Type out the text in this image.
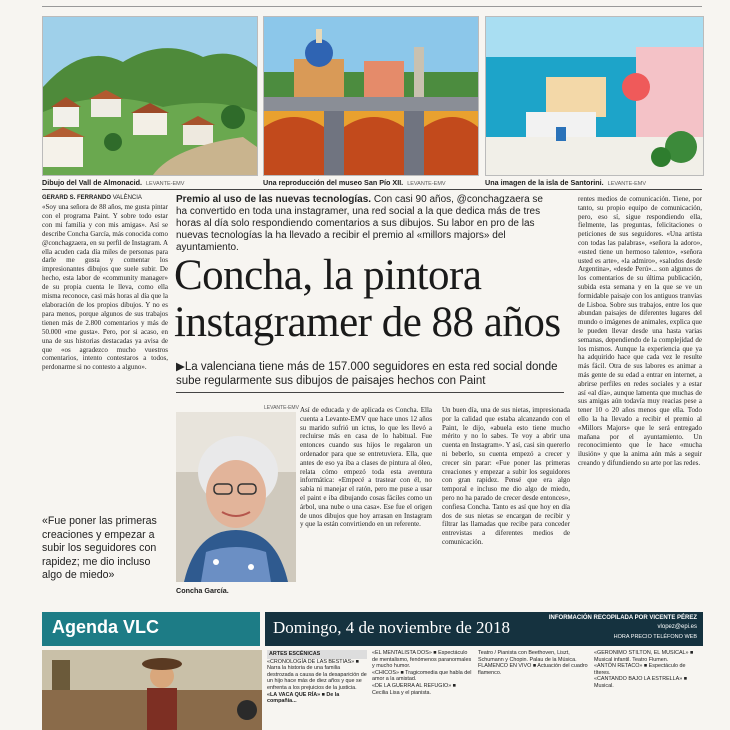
Dibujo del Vall de Almonacid. LEVANTE-EMV	Una reproducción del museo San Pío XII. LEVANTE-EMV	Una imagen de la isla de Santorini. LEVANTE-EMV
GERARD S. FERRANDO VALÈNCIA
«Soy una señora de 88 años, me gusta pintar con el programa Paint. Y sobre todo estar con mi familia y con mis amigas». Así se describe Concha García, más conocida como @conchagzaera, en su perfil de Instagram. A ella acuden cada día miles de personas para darle me gusta y comentar los impresionantes dibujos que suele subir. De hecho, esta labor de «community manager» de su propia cuenta le lleva, como ella misma reconoce, casi más horas al día que la elaboración de los propios dibujos. Y no es para menos, porque algunos de sus trabajos tienen más de 2.800 comentarios y más de 50.000 «me gusta». Pero, por si acaso, en una de sus historias destacadas ya avisa de que «os agradezco mucho vuestros comentarios, intento contestaros a todos, perdonarme si no contesto a alguno».
«Fue poner las primeras creaciones y empezar a subir los seguidores con rapidez; me dio incluso algo de miedo»
Premio al uso de las nuevas tecnologías. Con casi 90 años, @conchagzaera se ha convertido en toda una instagramer, una red social a la que dedica más de tres horas al día solo respondiendo comentarios a sus dibujos. Su labor en pro de las nuevas tecnologías la ha llevado a recibir el premio al «millors majors» del ayuntamiento.
Concha, la pintora instagramer de 88 años
▶La valenciana tiene más de 157.000 seguidores en esta red social donde sube regularmente sus dibujos de paisajes hechos con Paint
LEVANTE-EMV
Concha García.
Así de educada y de aplicada es Concha. Ella cuenta a Levante-EMV que hace unos 12 años su marido sufrió un ictus, lo que les llevó a recluirse más en casa de lo habitual. Fue entonces cuando sus hijos le regalaron un ordenador para que se entretuviera. Ella, que antes de eso ya iba a clases de pintura al óleo, relata cómo empezó toda esta aventura informática: «Empecé a trastear con él, no sabía ni manejar el ratón, pero me puse a usar el paint e iba dibujando cosas fáciles como un árbol, una nube o una casa». Ese fue el origen de unos dibujos que hoy arrasan en Instagram y que la están convirtiendo en un referente.
Un buen día, una de sus nietas, impresionada por la calidad que estaba alcanzando con el Paint, le dijo, «abuela esto tiene mucho mérito y no lo sabes. Te voy a abrir una cuenta en Instagram». Y así, casi sin quererlo ni beberlo, su cuenta empezó a crecer y crecer sin parar: «Fue poner las primeras creaciones y empezar a subir los seguidores con gran rapidez. Pensé que era algo temporal e incluso me dio algo de miedo, pero no ha parado de crecer desde entonces», confiesa Concha. Tanto es así que hoy en día dos de sus nietas se encargan de recibir y filtrar las llamadas que recibe para conceder entrevistas a diferentes medios de comunicación.
rentes medios de comunicación. Tiene, por tanto, su propio equipo de comunicación, pero, eso sí, sigue respondiendo ella, fielmente, las preguntas, felicitaciones o peticiones de sus seguidores. «Una artista con todas las palabras», «señora la adoro», «usted tiene un hermoso talento», «señora usted es arte», «la admiro», «saludos desde Argentina», «desde Perú»... son algunos de los comentarios de su última publicación, subida esta semana y en la que se ve un formidable paisaje con los antiguos tranvías de Lisboa. Sobre sus trabajos, entre los que abundan paisajes de diferentes lugares del mundo o imágenes de animales, explica que le pueden llevar desde una hasta varias semanas, dependiendo de la complejidad de los mismos. Aunque la experiencia que ya ha adquirido hace que cada vez le resulte más fácil. Otra de sus labores es animar a más gente de su edad a entrar en internet, a abrirse perfiles en redes sociales y a estar así «al día», aunque lamenta que muchas de sus amigas aún todavía muy reacias pese a tener 10 o 20 años menos que ella. Todo ello la ha llevado a recibir el premio al «Millors Majors» que le será entregado mañana por el ayuntamiento. Un reconocimiento que le hace «mucha ilusión» y que la anima aún más a seguir creando y difundiendo su arte por las redes.
Agenda VLC	Domingo, 4 de noviembre de 2018	INFORMACIÓN RECOPILADA POR VICENTE PÉREZ
vlopez@epi.es
HORA PRECIO TELÉFONO WEB
ARTES ESCÉNICAS
«CRONOLOGÍA DE LAS BESTIAS» ■ Narra la historia de una familia destrozada a causa de la desaparición de un hijo hace más de diez años y que se enfrenta a los prejuicios de la justicia.
«LA VACA QUE RÍA» ■ De la compañía...
«EL MENTALISTA DOS» ■ Espectáculo de mentalismo, fenómenos paranormales y mucho humor.
«CHICOS» ■ Tragicomedia que habla del amor a la amistad.
«DE LA GUERRA AL REFUGIO» ■ Cecilia Lisa y el pianista.
Teatro / Pianista con Beethoven, Liszt, Schumann y Chopin. Palau de la Música.
FLAMENCO EN VIVO ■ Actuación del cuadro flamenco.
«GERONIMO STILTON, EL MUSICAL» ■ Musical infantil. Teatro Flumen.
«ANTÓN RETACO» ■ Espectáculo de títeres.
«CANTANDO BAJO LA ESTRELLA» ■ Musical.
